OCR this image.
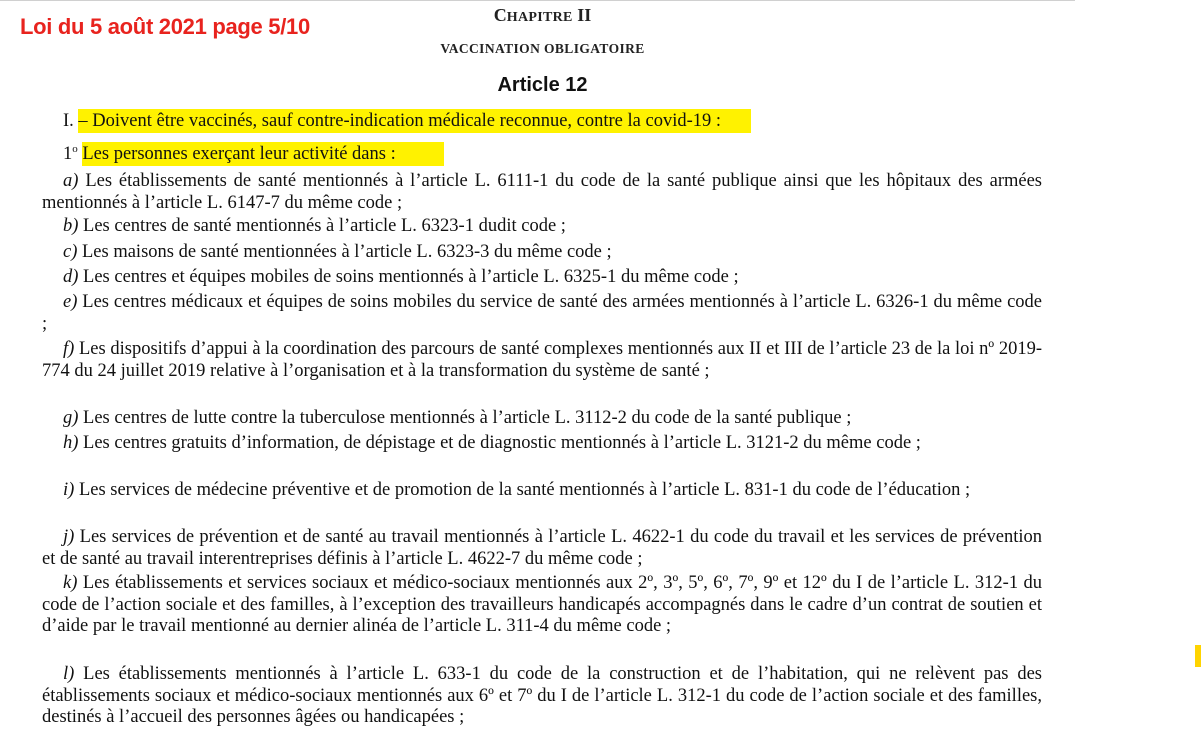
Loi du 5 août 2021 page 5/10	CHAPITRE II
VACCINATION OBLIGATOIRE
Article 12
I. – Doivent être vaccinés, sauf contre-indication médicale reconnue, contre la covid-19 :
1$^o$ Les personnes exerçant leur activité dans :
a) Les établissements de santé mentionnés à l’article L. 6111-1 du code de la santé publique ainsi que les hôpitaux des armées mentionnés à l’article L. 6147-7 du même code ;
b) Les centres de santé mentionnés à l’article L. 6323-1 dudit code ;
c) Les maisons de santé mentionnées à l’article L. 6323-3 du même code ;
d) Les centres et équipes mobiles de soins mentionnés à l’article L. 6325-1 du même code ;
e) Les centres médicaux et équipes de soins mobiles du service de santé des armées mentionnés à l’article L. 6326-1 du même code ;
f) Les dispositifs d’appui à la coordination des parcours de santé complexes mentionnés aux II et III de l’article 23 de la loi nº 2019-774 du 24 juillet 2019 relative à l’organisation et à la transformation du système de santé ;
g) Les centres de lutte contre la tuberculose mentionnés à l’article L. 3112-2 du code de la santé publique ;
h) Les centres gratuits d’information, de dépistage et de diagnostic mentionnés à l’article L. 3121-2 du même code ;
i) Les services de médecine préventive et de promotion de la santé mentionnés à l’article L. 831-1 du code de l’éducation ;
j) Les services de prévention et de santé au travail mentionnés à l’article L. 4622-1 du code du travail et les services de prévention et de santé au travail interentreprises définis à l’article L. 4622-7 du même code ;
k) Les établissements et services sociaux et médico-sociaux mentionnés aux 2º, 3º, 5º, 6º, 7º, 9º et 12º du I de l’article L. 312-1 du code de l’action sociale et des familles, à l’exception des travailleurs handicapés accompagnés dans le cadre d’un contrat de soutien et d’aide par le travail mentionné au dernier alinéa de l’article L. 311-4 du même code ;
l) Les établissements mentionnés à l’article L. 633-1 du code de la construction et de l’habitation, qui ne relèvent pas des établissements sociaux et médico-sociaux mentionnés aux 6º et 7º du I de l’article L. 312-1 du code de l’action sociale et des familles, destinés à l’accueil des personnes âgées ou handicapées ;
